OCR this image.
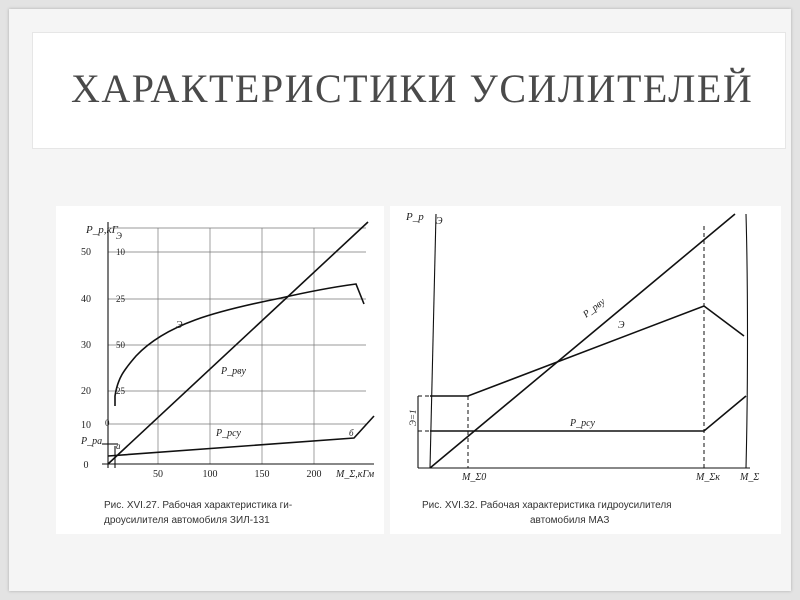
ХАРАКТЕРИСТИКИ УСИЛИТЕЛЕЙ
50
40
30
20
10
0
10
25
50
25
0
P_р,кГ
Э
P_рa
50	100	150	200 M_Σ,кГм
Э
P_рву
P_рсу
a
б
Рис. XVI.27. Рабочая характеристика ги-
дроусилителя автомобиля ЗИЛ-131
P_р Э
Э=1
M_Σ0	M_Σк M_Σ
P_рву
Э
P_рсу
Рис. XVI.32. Рабочая характеристика гидроусилителя
автомобиля МАЗ
